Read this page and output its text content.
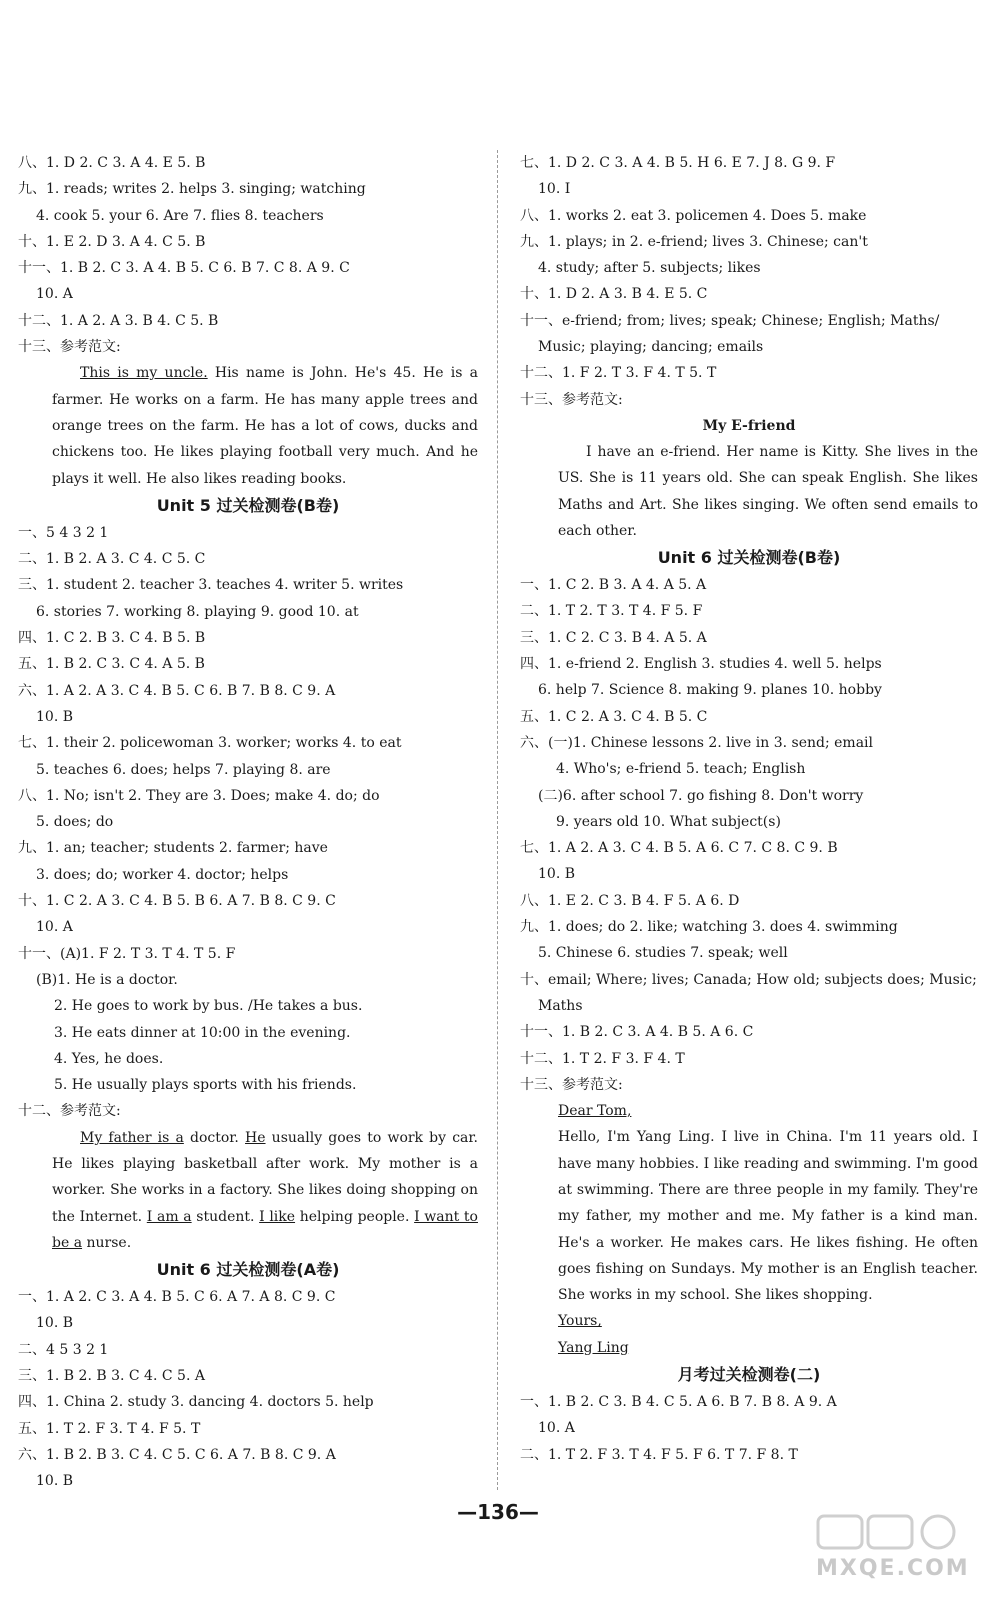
八、1. D 2. C 3. A 4. E 5. B
九、1. reads; writes 2. helps 3. singing; watching
4. cook 5. your 6. Are 7. flies 8. teachers
十、1. E 2. D 3. A 4. C 5. B
十一、1. B 2. C 3. A 4. B 5. C 6. B 7. C 8. A 9. C
10. A
十二、1. A 2. A 3. B 4. C 5. B
十三、参考范文:
This is my uncle. His name is John. He's 45. He is a farmer. He works on a farm. He has many apple trees and orange trees on the farm. He has a lot of cows, ducks and chickens too. He likes playing football very much. And he plays it well. He also likes reading books.
Unit 5 过关检测卷(B卷)
一、5 4 3 2 1
二、1. B 2. A 3. C 4. C 5. C
三、1. student 2. teacher 3. teaches 4. writer 5. writes
6. stories 7. working 8. playing 9. good 10. at
四、1. C 2. B 3. C 4. B 5. B
五、1. B 2. C 3. C 4. A 5. B
六、1. A 2. A 3. C 4. B 5. C 6. B 7. B 8. C 9. A
10. B
七、1. their 2. policewoman 3. worker; works 4. to eat
5. teaches 6. does; helps 7. playing 8. are
八、1. No; isn't 2. They are 3. Does; make 4. do; do
5. does; do
九、1. an; teacher; students 2. farmer; have
3. does; do; worker 4. doctor; helps
十、1. C 2. A 3. C 4. B 5. B 6. A 7. B 8. C 9. C
10. A
十一、(A)1. F 2. T 3. T 4. T 5. F
(B)1. He is a doctor.
2. He goes to work by bus. /He takes a bus.
3. He eats dinner at 10:00 in the evening.
4. Yes, he does.
5. He usually plays sports with his friends.
十二、参考范文:
My father is a doctor. He usually goes to work by car. He likes playing basketball after work. My mother is a worker. She works in a factory. She likes doing shopping on the Internet. I am a student. I like helping people. I want to be a nurse.
Unit 6 过关检测卷(A卷)
一、1. A 2. C 3. A 4. B 5. C 6. A 7. A 8. C 9. C
10. B
二、4 5 3 2 1
三、1. B 2. B 3. C 4. C 5. A
四、1. China 2. study 3. dancing 4. doctors 5. help
五、1. T 2. F 3. T 4. F 5. T
六、1. B 2. B 3. C 4. C 5. C 6. A 7. B 8. C 9. A
10. B
七、1. D 2. C 3. A 4. B 5. H 6. E 7. J 8. G 9. F
10. I
八、1. works 2. eat 3. policemen 4. Does 5. make
九、1. plays; in 2. e-friend; lives 3. Chinese; can't
4. study; after 5. subjects; likes
十、1. D 2. A 3. B 4. E 5. C
十一、e-friend; from; lives; speak; Chinese; English; Maths/
Music; playing; dancing; emails
十二、1. F 2. T 3. F 4. T 5. T
十三、参考范文:
My E-friend
I have an e-friend. Her name is Kitty. She lives in the US. She is 11 years old. She can speak English. She likes Maths and Art. She likes singing. We often send emails to each other.
Unit 6 过关检测卷(B卷)
一、1. C 2. B 3. A 4. A 5. A
二、1. T 2. T 3. T 4. F 5. F
三、1. C 2. C 3. B 4. A 5. A
四、1. e-friend 2. English 3. studies 4. well 5. helps
6. help 7. Science 8. making 9. planes 10. hobby
五、1. C 2. A 3. C 4. B 5. C
六、(一)1. Chinese lessons 2. live in 3. send; email
4. Who's; e-friend 5. teach; English
(二)6. after school 7. go fishing 8. Don't worry
9. years old 10. What subject(s)
七、1. A 2. A 3. C 4. B 5. A 6. C 7. C 8. C 9. B
10. B
八、1. E 2. C 3. B 4. F 5. A 6. D
九、1. does; do 2. like; watching 3. does 4. swimming
5. Chinese 6. studies 7. speak; well
十、email; Where; lives; Canada; How old; subjects does; Music;
Maths
十一、1. B 2. C 3. A 4. B 5. A 6. C
十二、1. T 2. F 3. F 4. T
十三、参考范文:
Dear Tom,
Hello, I'm Yang Ling. I live in China. I'm 11 years old. I have many hobbies. I like reading and swimming. I'm good at swimming. There are three people in my family. They're my father, my mother and me. My father is a kind man. He's a worker. He makes cars. He likes fishing. He often goes fishing on Sundays. My mother is an English teacher. She works in my school. She likes shopping.
Yours,
Yang Ling
月考过关检测卷(二)
一、1. B 2. C 3. B 4. C 5. A 6. B 7. B 8. A 9. A
10. A
二、1. T 2. F 3. T 4. F 5. F 6. T 7. F 8. T
—136—
MXQE.COM
